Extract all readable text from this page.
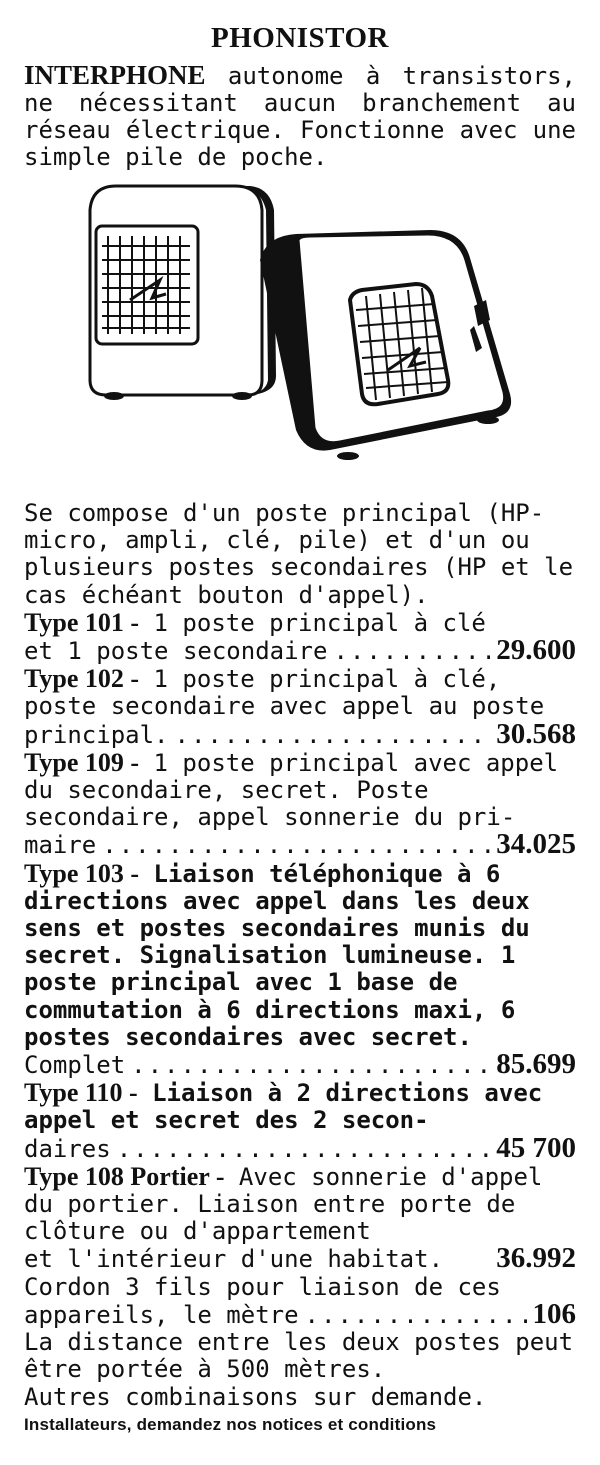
PHONISTOR
INTERPHONE autonome à transistors, ne nécessitant aucun branchement au réseau électrique. Fonctionne avec une simple pile de poche.

Se compose d'un poste principal (HP-micro, ampli, clé, pile) et d'un ou plusieurs postes secondaires (HP et le cas échéant bouton d'appel).

Type 101 - 1 poste principal à clé
et 1 poste secondaire .....	29.600
Type 102 - 1 poste principal à clé, poste secondaire avec appel au poste
principal. .....	30.568
Type 109 - 1 poste principal avec appel du secondaire, secret. Poste secondaire, appel sonnerie du pri-
maire .....	34.025
Type 103 - Liaison téléphonique à 6 directions avec appel dans les deux sens et postes secondaires munis du secret. Signalisation lumineuse. 1 poste principal avec 1 base de commutation à 6 directions maxi, 6 postes secondaires avec secret.
Complet .....	85.699
Type 110 - Liaison à 2 directions avec appel et secret des 2 secon-
daires .....	45 700
Type 108 Portier - Avec sonnerie d'appel du portier. Liaison entre porte de clôture ou d'appartement
et l'intérieur d'une habitat. 36.992
Cordon 3 fils pour liaison de ces
appareils, le mètre .....	106

La distance entre les deux postes peut être portée à 500 mètres.

Autres combinaisons sur demande.

Installateurs, demandez nos notices et conditions
